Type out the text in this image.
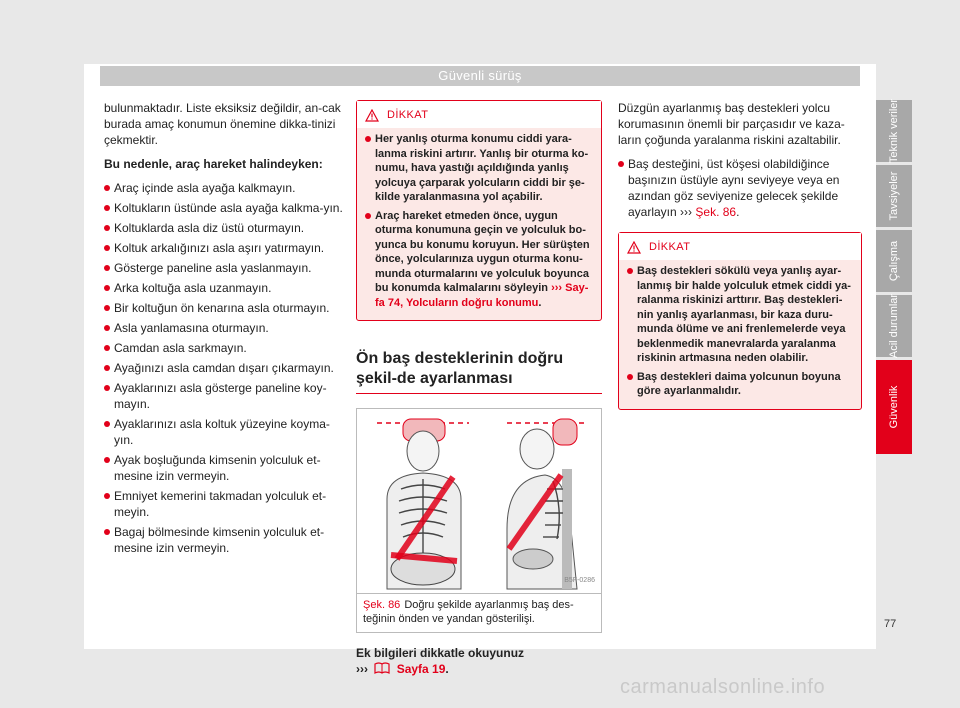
Güvenli sürüş

bulunmaktadır. Liste eksiksiz değildir, an-cak burada amaç konumun önemine dikka-tinizi çekmektir.

Bu nedenle, araç hareket halindeyken:

Araç içinde asla ayağa kalkmayın.
Koltukların üstünde asla ayağa kalkma-yın.
Koltuklarda asla diz üstü oturmayın.
Koltuk arkalığınızı asla aşırı yatırmayın.
Gösterge paneline asla yaslanmayın.
Arka koltuğa asla uzanmayın.
Bir koltuğun ön kenarına asla oturmayın.
Asla yanlamasına oturmayın.
Camdan asla sarkmayın.
Ayağınızı asla camdan dışarı çıkarmayın.
Ayaklarınızı asla gösterge paneline koy-mayın.
Ayaklarınızı asla koltuk yüzeyine koyma-yın.
Ayak boşluğunda kimsenin yolculuk et-mesine izin vermeyin.
Emniyet kemerini takmadan yolculuk et-meyin.
Bagaj bölmesinde kimsenin yolculuk et-mesine izin vermeyin.
DİKKAT
Her yanlış oturma konumu ciddi yara-lanma riskini artırır. Yanlış bir oturma ko-numu, hava yastığı açıldığında yanlış yolcuya çarparak yolcuların ciddi bir şe-kilde yaralanmasına yol açabilir.
Araç hareket etmeden önce, uygun oturma konumuna geçin ve yolculuk bo-yunca bu konumu koruyun. Her sürüşten önce, yolcularınıza uygun oturma konu-munda oturmalarını ve yolculuk boyunca bu konumda kalmalarını söyleyin ››› Say-fa 74, Yolcuların doğru konumu.
Ön baş desteklerinin doğru şekil-de ayarlanması
B5F-0286
Şek. 86 Doğru şekilde ayarlanmış baş des-teğinin önden ve yandan gösterilişi.
Ek bilgileri dikkatle okuyunuz
››› Sayfa 19.

Düzgün ayarlanmış baş destekleri yolcu korumasının önemli bir parçasıdır ve kaza-ların çoğunda yaralanma riskini azaltabilir.

Baş desteğini, üst köşesi olabildiğince başınızın üstüyle aynı seviyeye veya en azından göz seviyenize gelecek şekilde ayarlayın ››› Şek. 86.
DİKKAT
Baş destekleri sökülü veya yanlış ayar-lanmış bir halde yolculuk etmek ciddi ya-ralanma riskinizi arttırır. Baş destekleri-nin yanlış ayarlanması, bir kaza duru-munda ölüme ve ani frenlemelerde veya beklenmedik manevralarda yaralanma riskinin artmasına neden olabilir.
Baş destekleri daima yolcunun boyuna göre ayarlanmalıdır.
Teknik veriler
Tavsiyeler
Çalışma
Acil durumlar
Güvenlik
77
carmanualsonline.info
